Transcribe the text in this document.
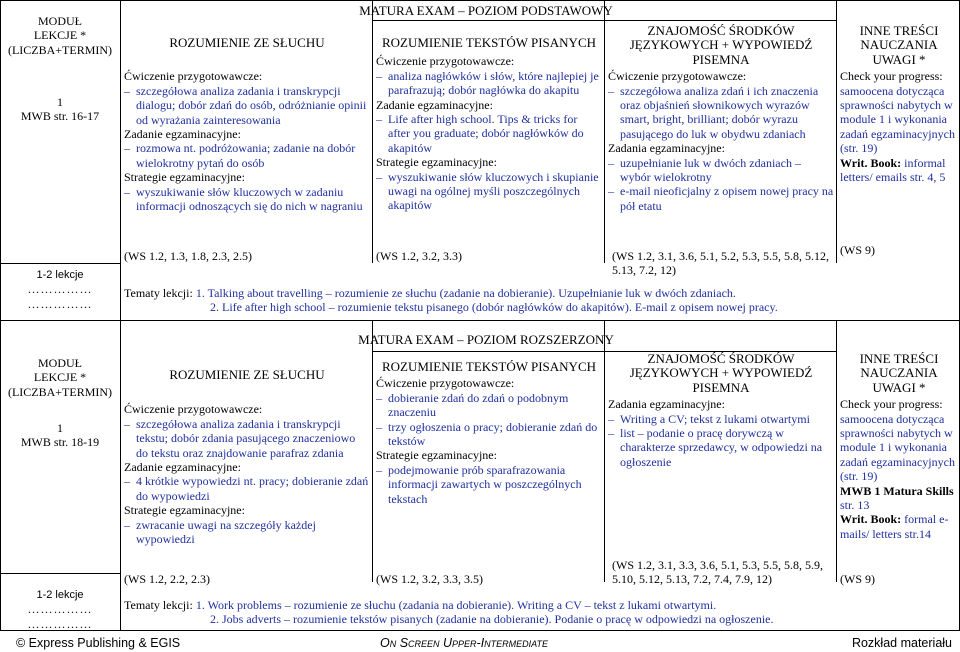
MODUŁ
LEKCJE *
(LICZBA+TERMIN)
1
MWB str. 16-17
1-2 lekcje
……………
……………
MATURA EXAM – POZIOM PODSTAWOWY
ROZUMIENIE ZE SŁUCHU
Ćwiczenie przygotowawcze:
– szczegółowa analiza zadania i transkrypcji dialogu; dobór zdań do osób, odróżnianie opinii od wyrażania zainteresowania
Zadanie egzaminacyjne:
– rozmowa nt. podróżowania; zadanie na dobór wielokrotny pytań do osób
Strategie egzaminacyjne:
– wyszukiwanie słów kluczowych w zadaniu informacji odnoszących się do nich w nagraniu
(WS 1.2, 1.3, 1.8, 2.3, 2.5)
ROZUMIENIE TEKSTÓW PISANYCH
Ćwiczenie przygotowawcze:
– analiza nagłówków i słów, które najlepiej je parafrazują; dobór nagłówka do akapitu
Zadanie egzaminacyjne:
– Life after high school. Tips & tricks for after you graduate; dobór nagłówków do akapitów
Strategie egzaminacyjne:
– wyszukiwanie słów kluczowych i skupianie uwagi na ogólnej myśli poszczególnych akapitów
(WS 1.2, 3.2, 3.3)
ZNAJOMOŚĆ ŚRODKÓW JĘZYKOWYCH + WYPOWIEDŹ PISEMNA
Ćwiczenie przygotowawcze:
– szczegółowa analiza zdań i ich znaczenia oraz objaśnień słownikowych wyrazów smart, bright, brilliant; dobór wyrazu pasującego do luk w obydwu zdaniach
Zadania egzaminacyjne:
– uzupełnianie luk w dwóch zdaniach – wybór wielokrotny
– e-mail nieoficjalny z opisem nowej pracy na pół etatu
(WS 1.2, 3.1, 3.6, 5.1, 5.2, 5.3, 5.5, 5.8, 5.12, 5.13, 7.2, 12)
INNE TREŚCI NAUCZANIA UWAGI *
Check your progress:
samoocena dotycząca sprawności nabytych w module 1 i wykonania zadań egzaminacyjnych (str. 19)
Writ. Book: informal letters/ emails str. 4, 5
(WS 9)
Tematy lekcji: 1. Talking about travelling – rozumienie ze słuchu (zadanie na dobieranie). Uzupełnianie luk w dwóch zdaniach.
2. Life after high school – rozumienie tekstu pisanego (dobór nagłówków do akapitów). E-mail z opisem nowej pracy.
MODUŁ
LEKCJE *
(LICZBA+TERMIN)
1
MWB str. 18-19
1-2 lekcje
……………
……………
MATURA EXAM – POZIOM ROZSZERZONY
ROZUMIENIE ZE SŁUCHU
Ćwiczenie przygotowawcze:
– szczegółowa analiza zadania i transkrypcji tekstu; dobór zdania pasującego znaczeniowo do tekstu oraz znajdowanie parafraz zdania
Zadanie egzaminacyjne:
– 4 krótkie wypowiedzi nt. pracy; dobieranie zdań do wypowiedzi
Strategie egzaminacyjne:
– zwracanie uwagi na szczegóły każdej wypowiedzi
(WS 1.2, 2.2, 2.3)
ROZUMIENIE TEKSTÓW PISANYCH
Ćwiczenie przygotowawcze:
– dobieranie zdań do zdań o podobnym znaczeniu
– trzy ogłoszenia o pracy; dobieranie zdań do tekstów
Strategie egzaminacyjne:
– podejmowanie prób sparafrazowania informacji zawartych w poszczególnych tekstach
(WS 1.2, 3.2, 3.3, 3.5)
ZNAJOMOŚĆ ŚRODKÓW JĘZYKOWYCH + WYPOWIEDŹ PISEMNA
Zadania egzaminacyjne:
– Writing a CV; tekst z lukami otwartymi
– list – podanie o pracę dorywczą w charakterze sprzedawcy, w odpowiedzi na ogłoszenie
(WS 1.2, 3.1, 3.3, 3.6, 5.1, 5.3, 5.5, 5.8, 5.9, 5.10, 5.12, 5.13, 7.2, 7.4, 7.9, 12)
INNE TREŚCI NAUCZANIA UWAGI *
Check your progress:
samoocena dotycząca sprawności nabytych w module 1 i wykonania zadań egzaminacyjnych (str. 19)
MWB 1 Matura Skills str. 13
Writ. Book: formal e-mails/ letters str.14
(WS 9)
Tematy lekcji: 1. Work problems – rozumienie ze słuchu (zadania na dobieranie). Writing a CV – tekst z lukami otwartymi.
2. Jobs adverts – rozumienie tekstów pisanych (zadanie na dobieranie). Podanie o pracę w odpowiedzi na ogłoszenie.
© Express Publishing & EGIS	On Screen Upper-Intermediate	Rozkład materiału
